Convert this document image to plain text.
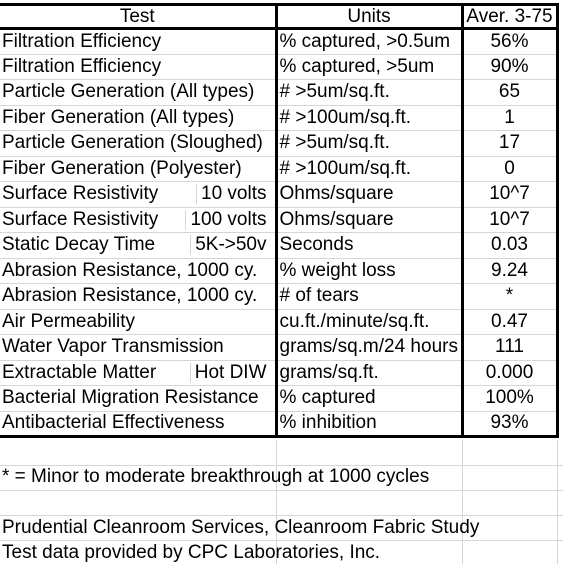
Test	Units	Aver. 3-75
Filtration Efficiency	% captured, >0.5um	56%
Filtration Efficiency	% captured, >5um	90%
Particle Generation (All types)	# >5um/sq.ft.	65
Fiber Generation (All types)	# >100um/sq.ft.	1
Particle Generation (Sloughed)	# >5um/sq.ft.	17
Fiber Generation (Polyester)	# >100um/sq.ft.	0

Surface Resistivity 10 volts	Ohms/square	10^7

Surface Resistivity 100 volts	Ohms/square	10^7

Static Decay Time 5K->50v	Seconds	0.03
Abrasion Resistance, 1000 cy.	% weight loss	9.24
Abrasion Resistance, 1000 cy.	# of tears	*
Air Permeability	cu.ft./minute/sq.ft.	0.47
Water Vapor Transmission	grams/sq.m/24 hours	111

Extractable Matter Hot DIW	grams/sq.ft.	0.000
Bacterial Migration Resistance	% captured	100%
Antibacterial Effectiveness	% inhibition	93%
* = Minor to moderate breakthrough at 1000 cycles
Prudential Cleanroom Services, Cleanroom Fabric Study
Test data provided by CPC Laboratories, Inc.
